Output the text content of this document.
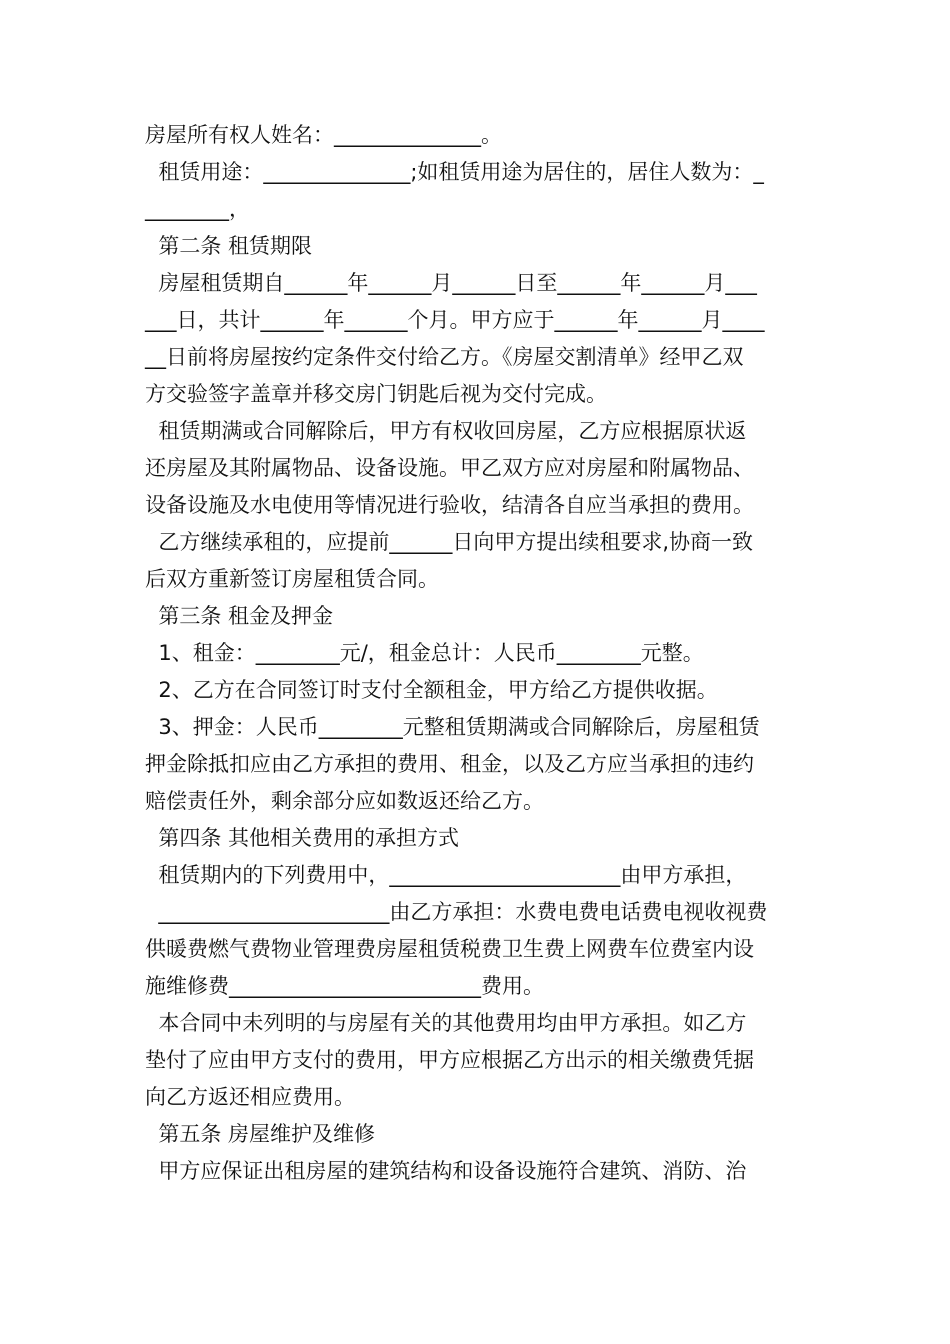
房屋所有权人姓名：______________。
租赁用途：______________;如租赁用途为居住的，居住人数为：_
________，
第二条 租赁期限
房屋租赁期自______年______月______日至______年______月___
___日，共计______年______个月。甲方应于______年______月____
__日前将房屋按约定条件交付给乙方。《房屋交割清单》经甲乙双
方交验签字盖章并移交房门钥匙后视为交付完成。
租赁期满或合同解除后，甲方有权收回房屋，乙方应根据原状返
还房屋及其附属物品、设备设施。甲乙双方应对房屋和附属物品、
设备设施及水电使用等情况进行验收，结清各自应当承担的费用。
乙方继续承租的，应提前______日向甲方提出续租要求,协商一致
后双方重新签订房屋租赁合同。
第三条 租金及押金
1、租金：________元/，租金总计：人民币________元整。
2、乙方在合同签订时支付全额租金，甲方给乙方提供收据。
3、押金：人民币________元整租赁期满或合同解除后，房屋租赁
押金除抵扣应由乙方承担的费用、租金，以及乙方应当承担的违约
赔偿责任外，剩余部分应如数返还给乙方。
第四条 其他相关费用的承担方式
租赁期内的下列费用中，______________________由甲方承担，
______________________由乙方承担：水费电费电话费电视收视费
供暖费燃气费物业管理费房屋租赁税费卫生费上网费车位费室内设
施维修费________________________费用。
本合同中未列明的与房屋有关的其他费用均由甲方承担。如乙方
垫付了应由甲方支付的费用，甲方应根据乙方出示的相关缴费凭据
向乙方返还相应费用。
第五条 房屋维护及维修
甲方应保证出租房屋的建筑结构和设备设施符合建筑、消防、治
